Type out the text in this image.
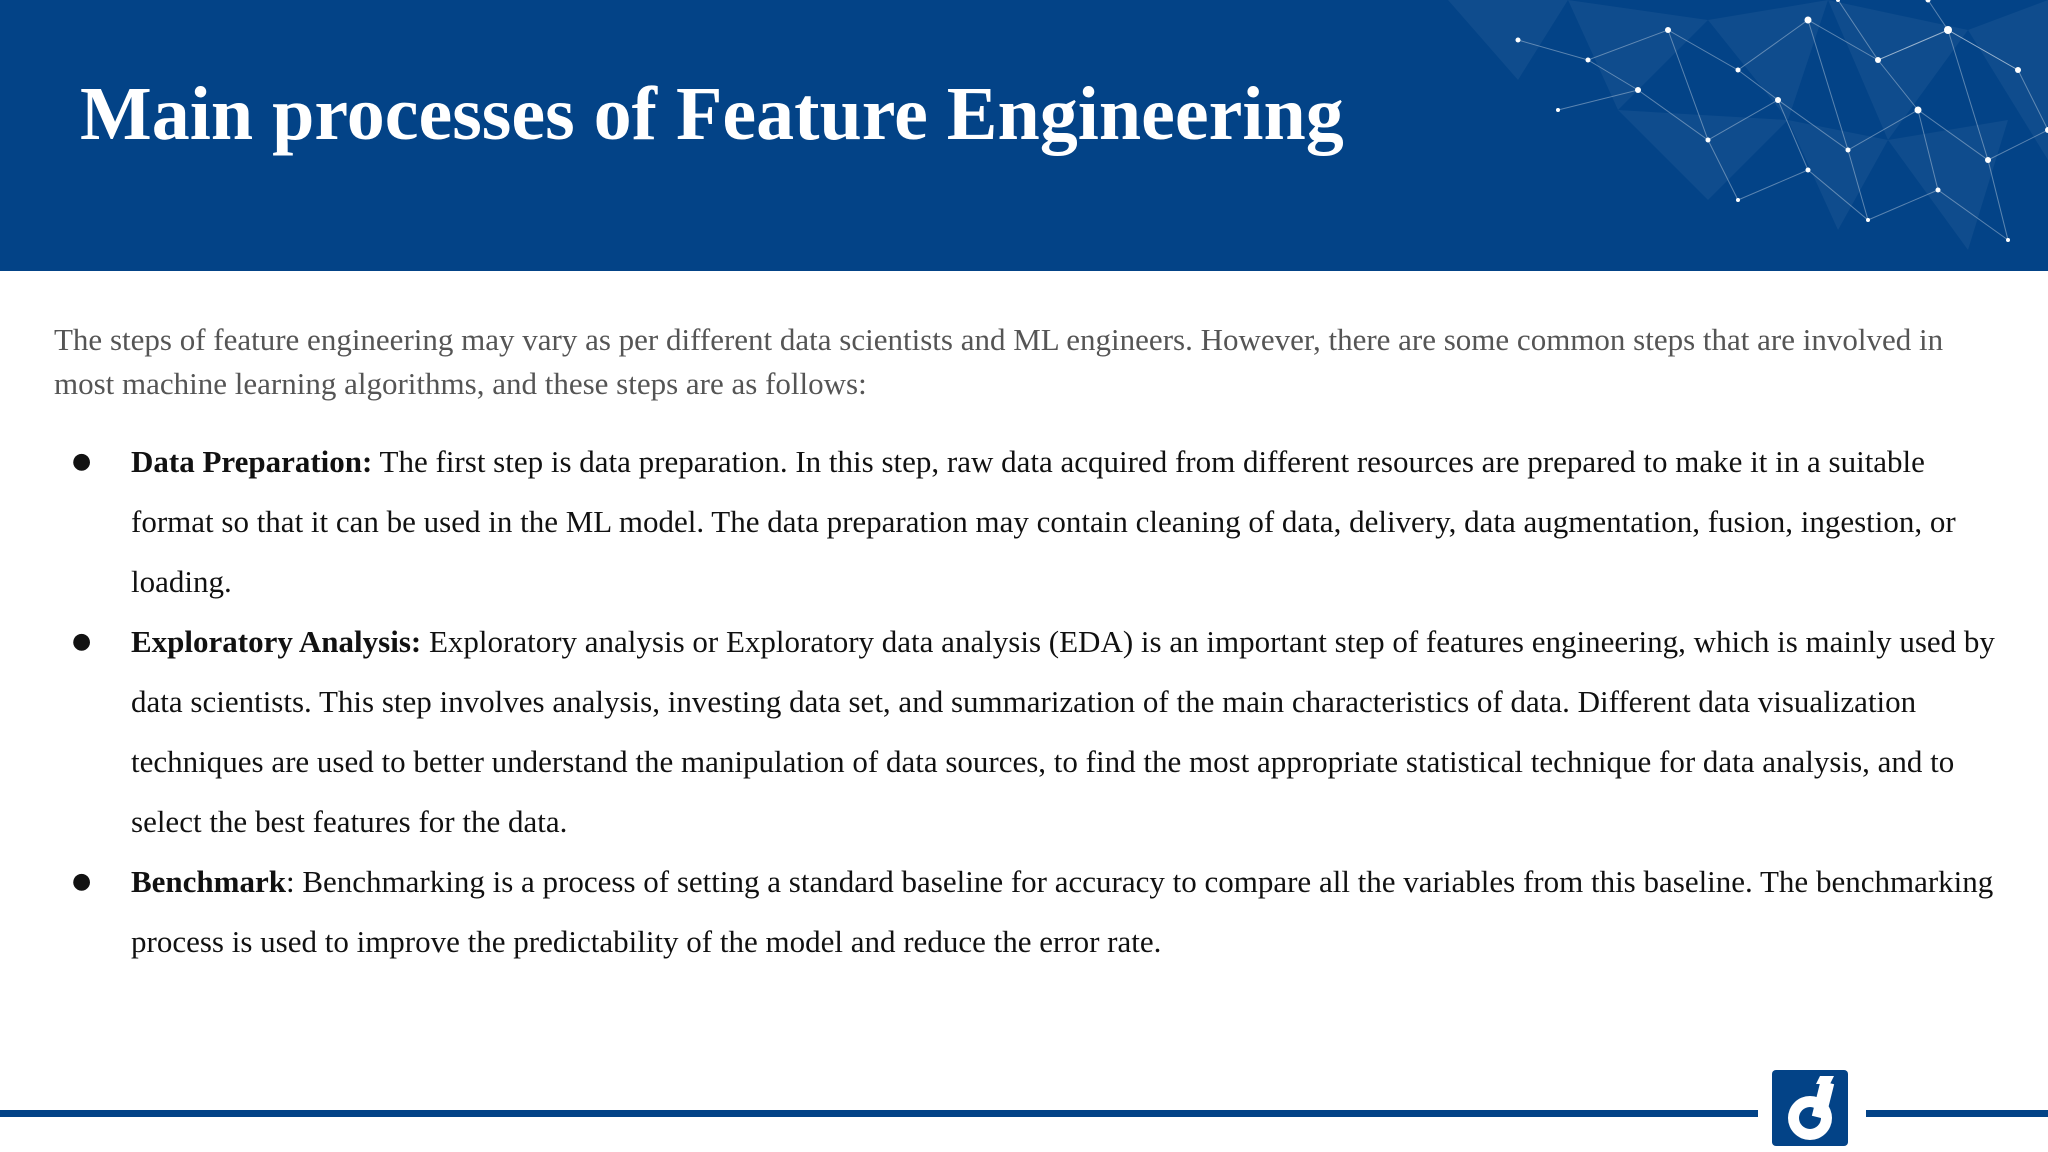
Main processes of Feature Engineering

The steps of feature engineering may vary as per different data scientists and ML engineers. However, there are some common steps that are involved in most machine learning algorithms, and these steps are as follows:

● Data Preparation: The first step is data preparation. In this step, raw data acquired from different resources are prepared to make it in a suitable format so that it can be used in the ML model. The data preparation may contain cleaning of data, delivery, data augmentation, fusion, ingestion, or loading.
● Exploratory Analysis: Exploratory analysis or Exploratory data analysis (EDA) is an important step of features engineering, which is mainly used by data scientists. This step involves analysis, investing data set, and summarization of the main characteristics of data. Different data visualization techniques are used to better understand the manipulation of data sources, to find the most appropriate statistical technique for data analysis, and to select the best features for the data.
● Benchmark: Benchmarking is a process of setting a standard baseline for accuracy to compare all the variables from this baseline. The benchmarking process is used to improve the predictability of the model and reduce the error rate.
